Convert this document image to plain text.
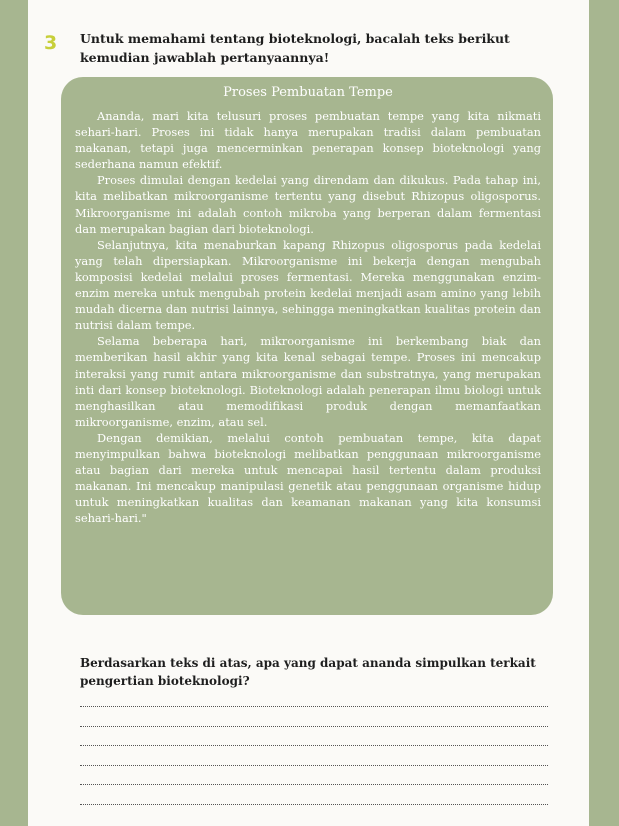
3 Untuk memahami tentang bioteknologi, bacalah teks berikut kemudian jawablah pertanyaannya!
Proses Pembuatan Tempe

Ananda, mari kita telusuri proses pembuatan tempe yang kita nikmati sehari-hari. Proses ini tidak hanya merupakan tradisi dalam pembuatan makanan, tetapi juga mencerminkan penerapan konsep bioteknologi yang sederhana namun efektif.

Proses dimulai dengan kedelai yang direndam dan dikukus. Pada tahap ini, kita melibatkan mikroorganisme tertentu yang disebut Rhizopus oligosporus. Mikroorganisme ini adalah contoh mikroba yang berperan dalam fermentasi dan merupakan bagian dari bioteknologi.

Selanjutnya, kita menaburkan kapang Rhizopus oligosporus pada kedelai yang telah dipersiapkan. Mikroorganisme ini bekerja dengan mengubah komposisi kedelai melalui proses fermentasi. Mereka menggunakan enzim-enzim mereka untuk mengubah protein kedelai menjadi asam amino yang lebih mudah dicerna dan nutrisi lainnya, sehingga meningkatkan kualitas protein dan nutrisi dalam tempe.

Selama beberapa hari, mikroorganisme ini berkembang biak dan memberikan hasil akhir yang kita kenal sebagai tempe. Proses ini mencakup interaksi yang rumit antara mikroorganisme dan substratnya, yang merupakan inti dari konsep bioteknologi. Bioteknologi adalah penerapan ilmu biologi untuk menghasilkan atau memodifikasi produk dengan memanfaatkan mikroorganisme, enzim, atau sel.

Dengan demikian, melalui contoh pembuatan tempe, kita dapat menyimpulkan bahwa bioteknologi melibatkan penggunaan mikroorganisme atau bagian dari mereka untuk mencapai hasil tertentu dalam produksi makanan. Ini mencakup manipulasi genetik atau penggunaan organisme hidup untuk meningkatkan kualitas dan keamanan makanan yang kita konsumsi sehari-hari."

Berdasarkan teks di atas, apa yang dapat ananda simpulkan terkait pengertian bioteknologi?
